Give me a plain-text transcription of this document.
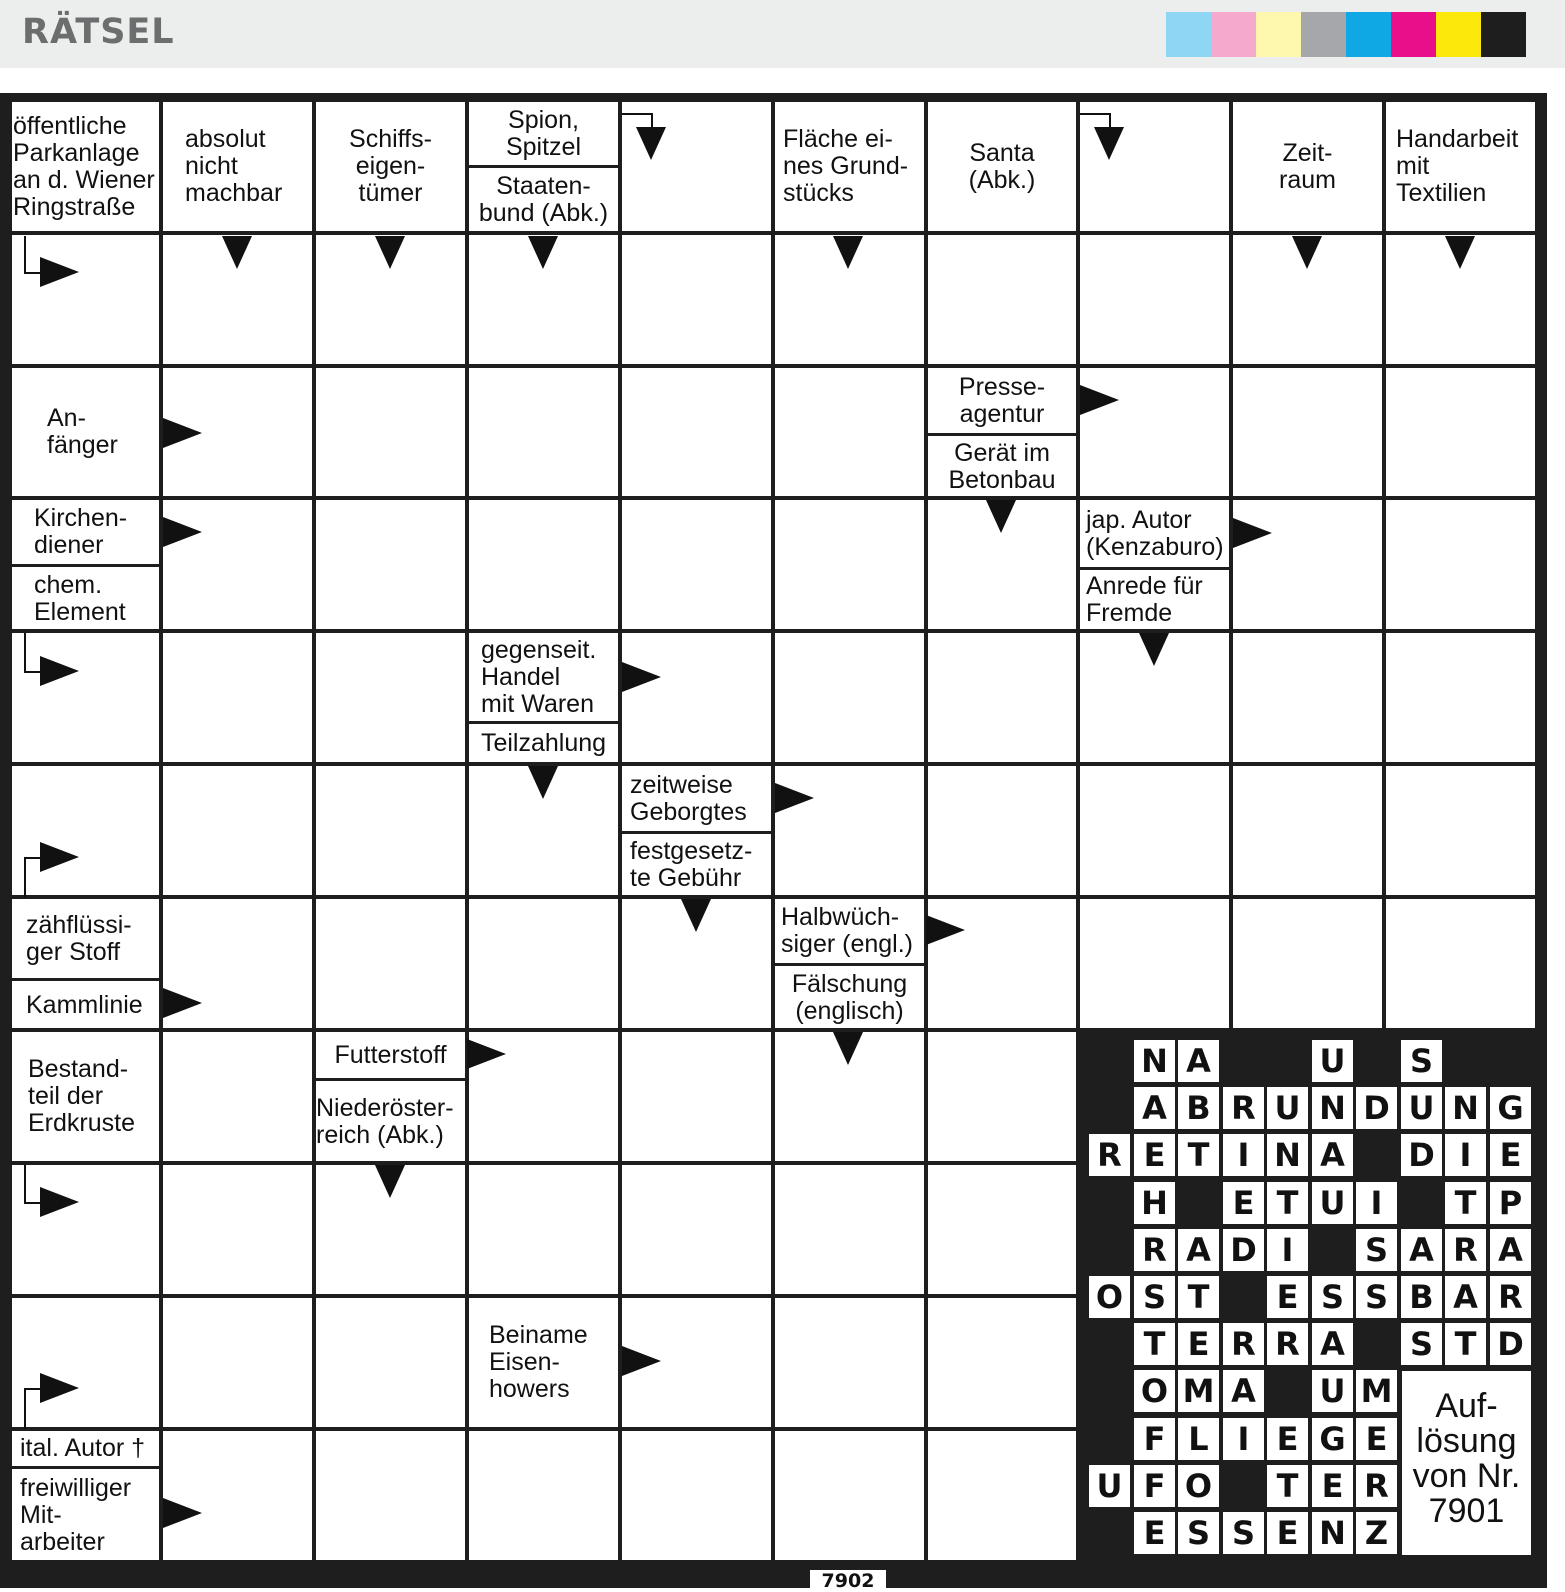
RÄTSEL
öffentliche
Parkanlage
an d. Wiener
Ringstraße
absolut
nicht
machbar
Schiffs-
eigen-
tümer
Spion,
Spitzel
Staaten-
bund (Abk.)
Fläche ei-
nes Grund-
stücks
Santa
(Abk.)
Zeit-
raum
Handarbeit
mit
Textilien
An-
fänger
Presse-
agentur
Gerät im
Betonbau
Kirchen-
diener
chem.
Element
jap. Autor
(Kenzaburo)
Anrede für
Fremde
gegenseit.
Handel
mit Waren
Teilzahlung
zeitweise
Geborgtes
festgesetz-
te Gebühr
zähflüssi-
ger Stoff
Kammlinie
Halbwüch-
siger (engl.)
Fälschung
(englisch)
Bestand-
teil der
Erdkruste
Futterstoff
Niederöster-
reich (Abk.)
Beiname
Eisen-
howers
ital. Autor †
freiwilliger
Mit-
arbeiter
N A	U S
A B R U N D U N G
R E T I N A D I E
H E T U I	T P
R A D I	S A R A
O S T E S S B A R
T E R R A S T D
O M A U M
F L I E G E
U F O T E R
E S S E N Z
Auf-
lösung
von Nr.
7901
7902
